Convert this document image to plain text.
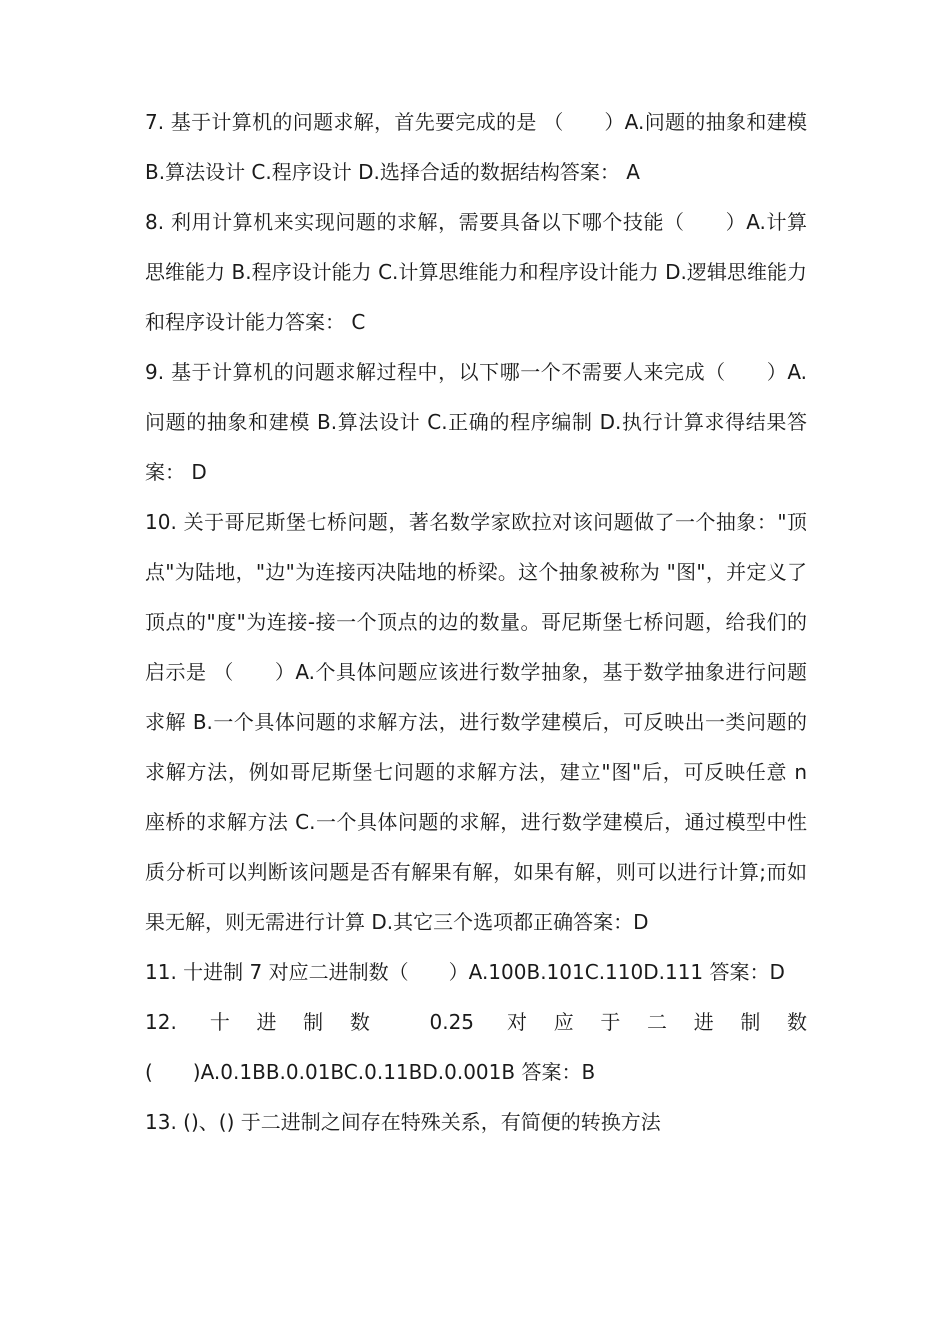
7. 基于计算机的问题求解，首先要完成的是 （　　）A.问题的抽象和建模 B.算法设计 C.程序设计 D.选择合适的数据结构答案： A

8. 利用计算机来实现问题的求解，需要具备以下哪个技能（　　）A.计算思维能力 B.程序设计能力 C.计算思维能力和程序设计能力 D.逻辑思维能力和程序设计能力答案： C

9. 基于计算机的问题求解过程中，以下哪一个不需要人来完成（　　）A.问题的抽象和建模 B.算法设计 C.正确的程序编制 D.执行计算求得结果答案： D

10. 关于哥尼斯堡七桥问题，著名数学家欧拉对该问题做了一个抽象："顶点"为陆地，"边"为连接丙决陆地的桥梁。这个抽象被称为 "图"，并定义了顶点的"度"为连接-接一个顶点的边的数量。哥尼斯堡七桥问题，给我们的启示是 （　　）A.个具体问题应该进行数学抽象，基于数学抽象进行问题求解 B.一个具体问题的求解方法，进行数学建模后，可反映出一类问题的求解方法，例如哥尼斯堡七问题的求解方法，建立"图"后，可反映任意 n 座桥的求解方法 C.一个具体问题的求解，进行数学建模后，通过模型中性质分析可以判断该问题是否有解果有解，如果有解，则可以进行计算;而如果无解，则无需进行计算 D.其它三个选项都正确答案：D

11. 十进制 7 对应二进制数（　　）A.100B.101C.110D.111 答案：D

12. 十进制数 0.25 对应于二进制数(　　)A.0.1BB.0.01BC.0.11BD.0.001B 答案：B

13. ()、() 于二进制之间存在特殊关系，有简便的转换方法
